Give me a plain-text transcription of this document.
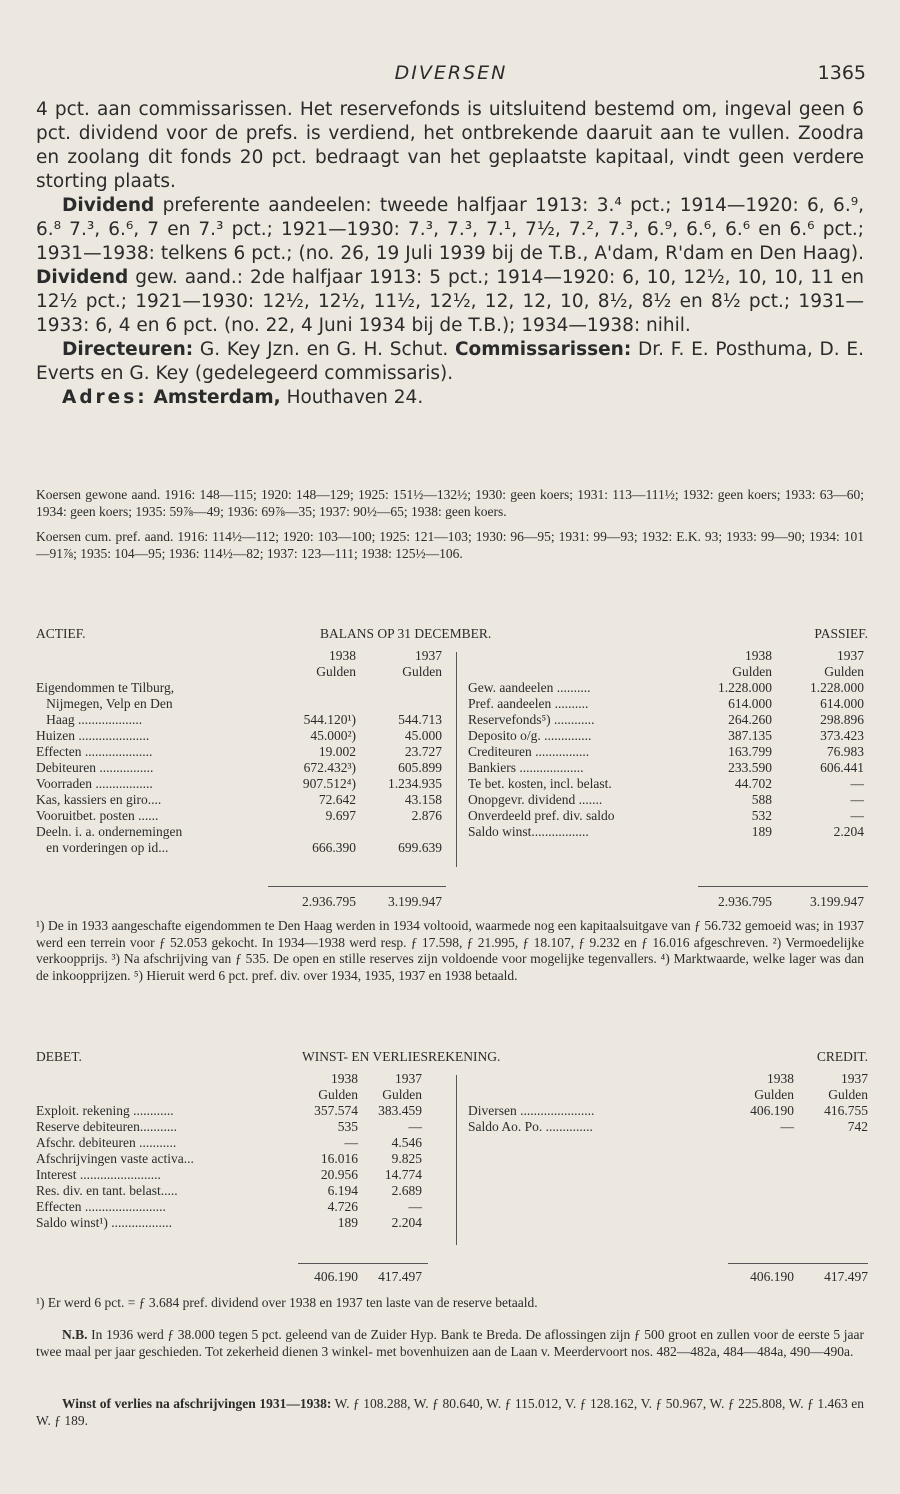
DIVERSEN	1365

4 pct. aan commissarissen. Het reservefonds is uitsluitend bestemd om, ingeval geen 6 pct. dividend voor de prefs. is verdiend, het ontbrekende daaruit aan te vullen. Zoodra en zoolang dit fonds 20 pct. bedraagt van het geplaatste kapitaal, vindt geen verdere storting plaats.

Dividend preferente aandeelen: tweede halfjaar 1913: 3.⁴ pct.; 1914—1920: 6, 6.⁹, 6.⁸ 7.³, 6.⁶, 7 en 7.³ pct.; 1921—1930: 7.³, 7.³, 7.¹, 7½, 7.², 7.³, 6.⁹, 6.⁶, 6.⁶ en 6.⁶ pct.; 1931—1938: telkens 6 pct.; (no. 26, 19 Juli 1939 bij de T.B., A'dam, R'dam en Den Haag). Dividend gew. aand.: 2de halfjaar 1913: 5 pct.; 1914—1920: 6, 10, 12½, 10, 10, 11 en 12½ pct.; 1921—1930: 12½, 12½, 11½, 12½, 12, 12, 10, 8½, 8½ en 8½ pct.; 1931—1933: 6, 4 en 6 pct. (no. 22, 4 Juni 1934 bij de T.B.); 1934—1938: nihil.

Directeuren: G. Key Jzn. en G. H. Schut. Commissarissen: Dr. F. E. Posthuma, D. E. Everts en G. Key (gedelegeerd commissaris).

Adres: Amsterdam, Houthaven 24.

Koersen gewone aand. 1916: 148—115; 1920: 148—129; 1925: 151½—132½; 1930: geen koers; 1931: 113—111½; 1932: geen koers; 1933: 63—60; 1934: geen koers; 1935: 59⅞—49; 1936: 69⅞—35; 1937: 90½—65; 1938: geen koers.

Koersen cum. pref. aand. 1916: 114½—112; 1920: 103—100; 1925: 121—103; 1930: 96—95; 1931: 99—93; 1932: E.K. 93; 1933: 99—90; 1934: 101—91⅞; 1935: 104—95; 1936: 114½—82; 1937: 123—111; 1938: 125½—106.

ACTIEF.	BALANS OP 31 DECEMBER.	PASSIEF.
1938	1937
Gulden	Gulden
Eigendommen te Tilburg,
Nijmegen, Velp en Den
Haag ...................	544.120¹)	544.713
Huizen .....................	45.000²)	45.000
Effecten ....................	19.002	23.727
Debiteuren ................	672.432³)	605.899
Voorraden .................	907.512⁴)	1.234.935
Kas, kassiers en giro....	72.642	43.158
Vooruitbet. posten ......	9.697	2.876
Deeln. i. a. ondernemingen
en vorderingen op id...	666.390	699.639
2.936.795	3.199.947
1938	1937
Gulden	Gulden
Gew. aandeelen ..........	1.228.000	1.228.000
Pref. aandeelen ..........	614.000	614.000
Reservefonds⁵) ............	264.260	298.896
Deposito o/g. ..............	387.135	373.423
Crediteuren ................	163.799	76.983
Bankiers ...................	233.590	606.441
Te bet. kosten, incl. belast.	44.702	—
Onopgevr. dividend .......	588	—
Onverdeeld pref. div. saldo	532	—
Saldo winst.................	189	2.204
2.936.795	3.199.947

¹) De in 1933 aangeschafte eigendommen te Den Haag werden in 1934 voltooid, waarmede nog een kapitaalsuitgave van ƒ 56.732 gemoeid was; in 1937 werd een terrein voor ƒ 52.053 gekocht. In 1934—1938 werd resp. ƒ 17.598, ƒ 21.995, ƒ 18.107, ƒ 9.232 en ƒ 16.016 afgeschreven. ²) Vermoedelijke verkoopprijs. ³) Na afschrijving van ƒ 535. De open en stille reserves zijn voldoende voor mogelijke tegenvallers. ⁴) Marktwaarde, welke lager was dan de inkoopprijzen. ⁵) Hieruit werd 6 pct. pref. div. over 1934, 1935, 1937 en 1938 betaald.

DEBET.	WINST- EN VERLIESREKENING.	CREDIT.
1938	1937
Gulden	Gulden
Exploit. rekening ............	357.574	383.459
Reserve debiteuren...........	535	—
Afschr. debiteuren ...........	—	4.546
Afschrijvingen vaste activa...	16.016	9.825
Interest ........................	20.956	14.774
Res. div. en tant. belast.....	6.194	2.689
Effecten ........................	4.726	—
Saldo winst¹) ..................	189	2.204
406.190	417.497
1938	1937
Gulden	Gulden
Diversen ......................	406.190	416.755
Saldo Ao. Po. ..............	—	742
406.190	417.497

¹) Er werd 6 pct. = ƒ 3.684 pref. dividend over 1938 en 1937 ten laste van de reserve betaald.

N.B. In 1936 werd ƒ 38.000 tegen 5 pct. geleend van de Zuider Hyp. Bank te Breda. De aflossingen zijn ƒ 500 groot en zullen voor de eerste 5 jaar twee maal per jaar geschieden. Tot zekerheid dienen 3 winkel- met bovenhuizen aan de Laan v. Meerdervoort nos. 482—482a, 484—484a, 490—490a.

Winst of verlies na afschrijvingen 1931—1938: W. ƒ 108.288, W. ƒ 80.640, W. ƒ 115.012, V. ƒ 128.162, V. ƒ 50.967, W. ƒ 225.808, W. ƒ 1.463 en W. ƒ 189.
